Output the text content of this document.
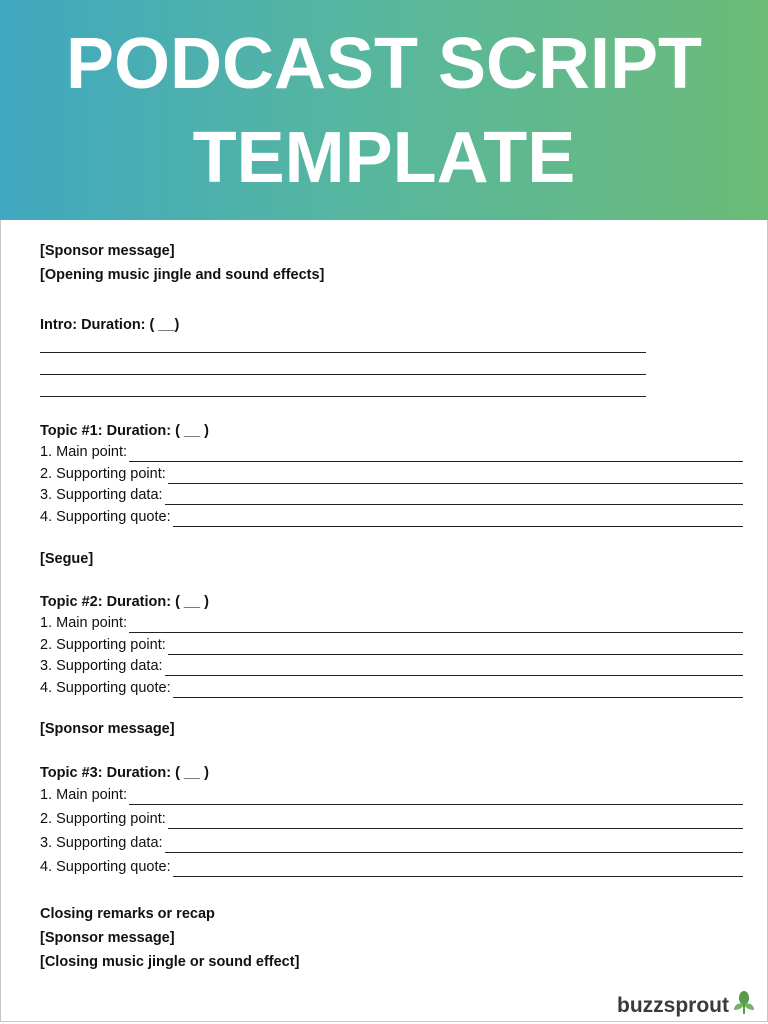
PODCAST SCRIPT
TEMPLATE
[Sponsor message]
[Opening music jingle and sound effects]
Intro: Duration: ( __)
Topic #1: Duration: ( __ )
1. Main point:
2. Supporting point:
3. Supporting data:
4. Supporting quote:
[Segue]
Topic #2: Duration: ( __ )
1. Main point:
2. Supporting point:
3. Supporting data:
4. Supporting quote:
[Sponsor message]
Topic #3: Duration: ( __ )
1. Main point:
2. Supporting point:
3. Supporting data:
4. Supporting quote:
Closing remarks or recap
[Sponsor message]
[Closing music jingle or sound effect]
buzzsprout
